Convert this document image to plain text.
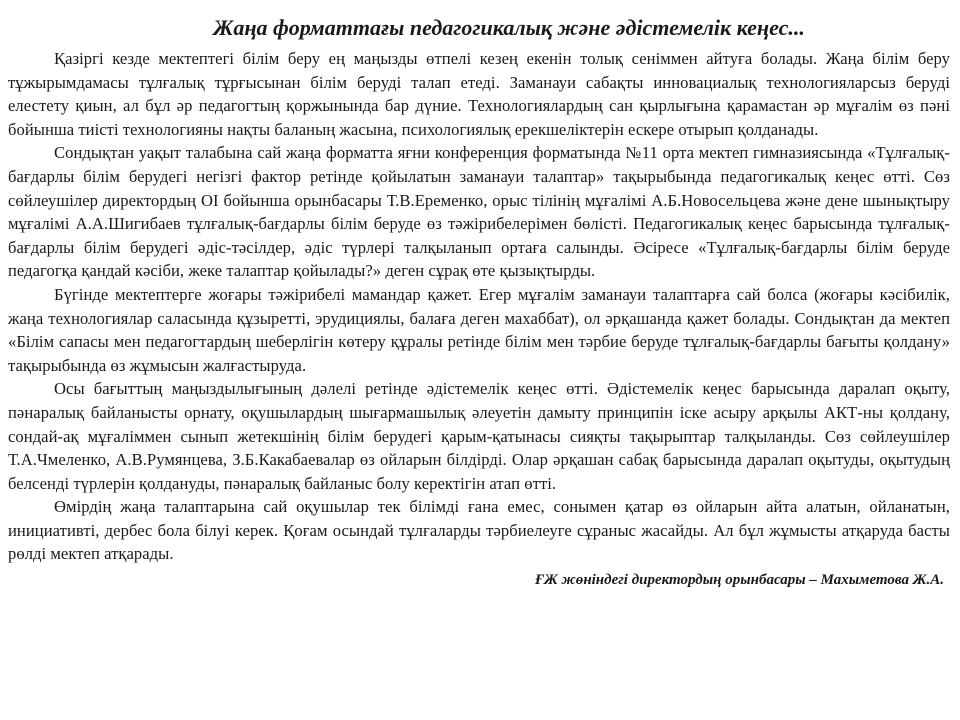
Жаңа форматтағы педагогикалық және әдістемелік кеңес...

Қазіргі кезде мектептегі білім беру ең маңызды өтпелі кезең екенін толық сеніммен айтуға болады. Жаңа білім беру тұжырымдамасы тұлғалық тұрғысынан білім беруді талап етеді. Заманауи сабақты инновациалық технологияларсыз беруді елестету қиын, ал бұл әр педагогтың қоржынында бар дүние. Технологиялардың сан қырлығына қарамастан әр мұғалім өз пәні бойынша тиісті технологияны нақты баланың жасына, психологиялық ерекшеліктерін ескере отырып қолданады.

Сондықтан уақыт талабына сай жаңа форматта яғни конференция форматында №11 орта мектеп гимназиясында «Тұлғалық-бағдарлы білім берудегі негізгі фактор ретінде қойылатын заманауи талаптар» тақырыбында педагогикалық кеңес өтті. Сөз сөйлеушілер директордың ОІ бойынша орынбасары Т.В.Еременко, орыс тілінің мұғалімі А.Б.Новосельцева және дене шынықтыру мұғалімі А.А.Шигибаев тұлғалық-бағдарлы білім беруде өз тәжірибелерімен бөлісті. Педагогикалық кеңес барысында тұлғалық-бағдарлы білім берудегі әдіс-тәсілдер, әдіс түрлері талқыланып ортаға салынды. Әсіресе «Тұлғалық-бағдарлы білім беруде педагогқа қандай кәсіби, жеке талаптар қойылады?» деген сұрақ өте қызықтырды.

Бүгінде мектептерге жоғары тәжірибелі мамандар қажет. Егер мұғалім заманауи талаптарға сай болса (жоғары кәсібилік, жаңа технологиялар саласында құзыретті, эрудициялы, балаға деген махаббат), ол әрқашанда қажет болады. Сондықтан да мектеп «Білім сапасы мен педагогтардың шеберлігін көтеру құралы ретінде білім мен тәрбие беруде тұлғалық-бағдарлы бағыты қолдану» тақырыбында өз жұмысын жалғастыруда.

Осы бағыттың маңыздылығының дәлелі ретінде әдістемелік кеңес өтті. Әдістемелік кеңес барысында даралап оқыту, пәнаралық байланысты орнату, оқушылардың шығармашылық әлеуетін дамыту принципін іске асыру арқылы АКТ-ны қолдану, сондай-ақ мұғаліммен сынып жетекшінің білім берудегі қарым-қатынасы сияқты тақырыптар талқыланды. Сөз сөйлеушілер Т.А.Чмеленко, А.В.Румянцева, З.Б.Какабаевалар өз ойларын білдірді. Олар әрқашан сабақ барысында даралап оқытуды, оқытудың белсенді түрлерін қолдануды, пәнаралық байланыс болу керектігін атап өтті.

Өмірдің жаңа талаптарына сай оқушылар тек білімді ғана емес, сонымен қатар өз ойларын айта алатын, ойланатын, инициативті, дербес бола білуі керек. Қоғам осындай тұлғаларды тәрбиелеуге сұраныс жасайды. Ал бұл жұмысты атқаруда басты рөлді мектеп атқарады.

ҒЖ жөніндегі директордың орынбасары – Махыметова Ж.А.
